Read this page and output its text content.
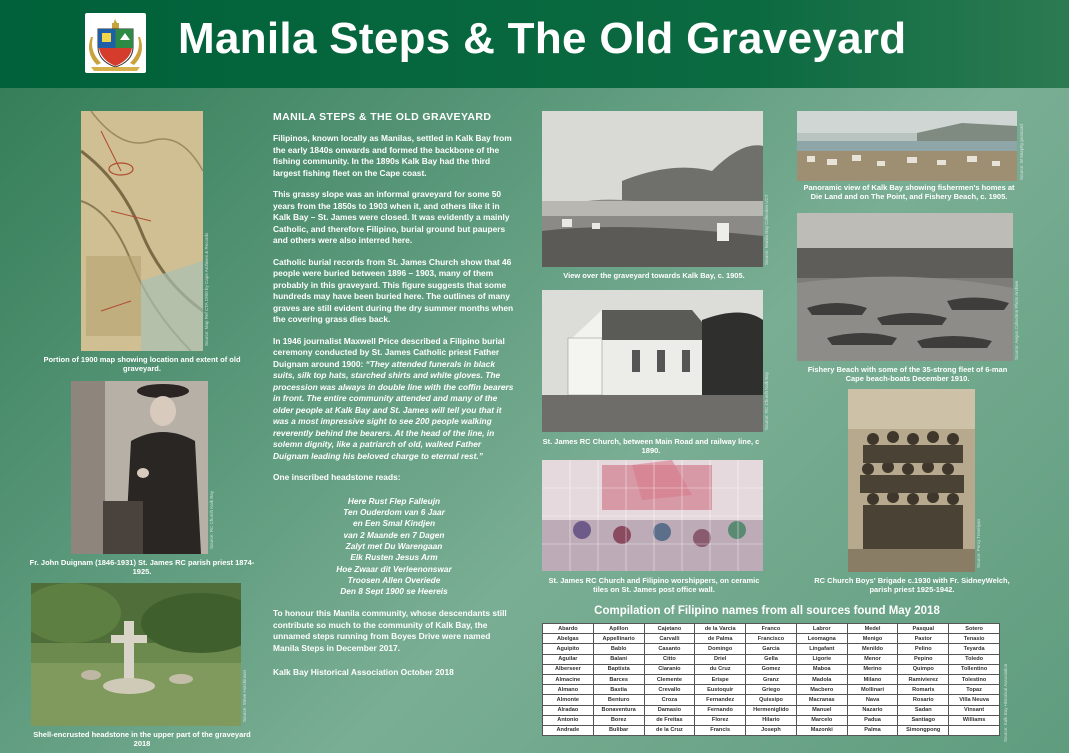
Manila Steps & The Old Graveyard
Source: Map Ref CTA 1900 by Cape Archives & Records
Portion of 1900 map showing location and extent of old graveyard.
Source: RC Church Kalk Bay
Fr. John Duignam (1846-1931) St. James RC parish priest 1874-1925.
Source: Steve Hutchinson
Shell-encrusted headstone in the upper part of the graveyard 2018
MANILA STEPS & THE OLD GRAVEYARD

Filipinos, known locally as Manilas, settled in Kalk Bay from the early 1840s onwards and formed the backbone of the fishing community. In the 1890s Kalk Bay had the third largest fishing fleet on the Cape coast.

This grassy slope was an informal graveyard for some 50 years from the 1850s to 1903 when it, and others like it in Kalk Bay – St. James were closed. It was evidently a mainly Catholic, and therefore Filipino, burial ground but paupers and others were also interred here.

Catholic burial records from St. James Church show that 46 people were buried between 1896 – 1903, many of them probably in this graveyard. This figure suggests that some hundreds may have been buried here. The outlines of many graves are still evident during the dry summer months when the covering grass dies back.

In 1946 journalist Maxwell Price described a Filipino burial ceremony conducted by St. James Catholic priest Father Duignam around 1900: “They attended funerals in black suits, silk top hats, starched shirts and white gloves. The procession was always in double line with the coffin bearers in front. The entire community attended and many of the older people at Kalk Bay and St. James will tell you that it was a most impressive sight to see 200 people walking reverently behind the bearers. At the head of the line, in solemn dignity, like a patriarch of old, walked Father Duignam leading his beloved charge to eternal rest.”

One inscribed headstone reads:

Here Rust Flep Falleujn
Ten Ouderdom van 6 Jaar
en Een Smal Kindjen
van 2 Maande en 7 Dagen
Zalyt met Du Warengaan
Elk Rusten Jesus Arm
Hoe Zwaar dit Verleenonswar
Troosen Allen Overiede
Den 8 Sept 1900 se Heereis

To honour this Manila community, whose descendants still contribute so much to the community of Kalk Bay, the unnamed steps running from Boyes Drive were named Manila Steps in December 2017.

Kalk Bay Historical Association October 2018

Source: Manila Bay Collection UCT
View over the graveyard towards Kalk Bay, c. 1905.
Source: RC Church Kalk Bay
St. James RC Church, between Main Road and railway line, c 1890.
St. James RC Church and Filipino worshippers, on ceramic tiles on St. James post office wall.
Source: W Murphy postcard
Panoramic view of Kalk Bay showing fishermen's homes at Die Land and on The Point, and Fishery Beach, c. 1905.
Source: Aegus Collection Photo Archive
Fishery Beach with some of the 35-strong fleet of 6-man Cape beach-boats December 1910.
Source: Percy Trevelyan
RC Church Boys' Brigade c.1930 with Fr. SidneyWelch, parish priest 1925-1942.
Compilation of Filipino names from all sources found May 2018
Abardo	Apillon	Cajetano	de la Varcia	Franco	Labror	Medel	Pasqual	Sotero
Abelgas	Appellinario	Carvalli	de Palma	Francisco	Leomagna	Menigo	Pastor	Tenasio
Aguipito	Bablo	Casanto	Domingo	Garcia	Lingafant	Menildo	Pelino	Teyarda
Aguilar	Balani	Citto	Driel	Gella	Ligorie	Menor	Pepino	Toledo
Alberseer	Baptista	Claranio	du Cruz	Gomez	Maboa	Merino	Quimpo	Tollentino
Almacine	Barces	Clemente	Erispe	Granz	Madola	Milano	Ramivierez	Tolestino
Almano	Bastia	Crevallo	Eustoquir	Griego	Macbero	Mollinari	Romaris	Topaz
Almonte	Benturo	Croza	Fernandez	Quissipo	Macranas	Nava	Rosario	Villa Neuva
Alradao	Bonaventura	Damasio	Fernando	Hermeniglido	Manuel	Nazario	Sadan	Vinsant
Antonio	Borez	de Freitas	Florez	Hilario	Marcelo	Padua	Santiago	Williams
Andrade	Bulibar	de la Cruz	Francis	Joseph	Mazonki	Palma	Simongpong		Source: Kalk Bay Historical Association
